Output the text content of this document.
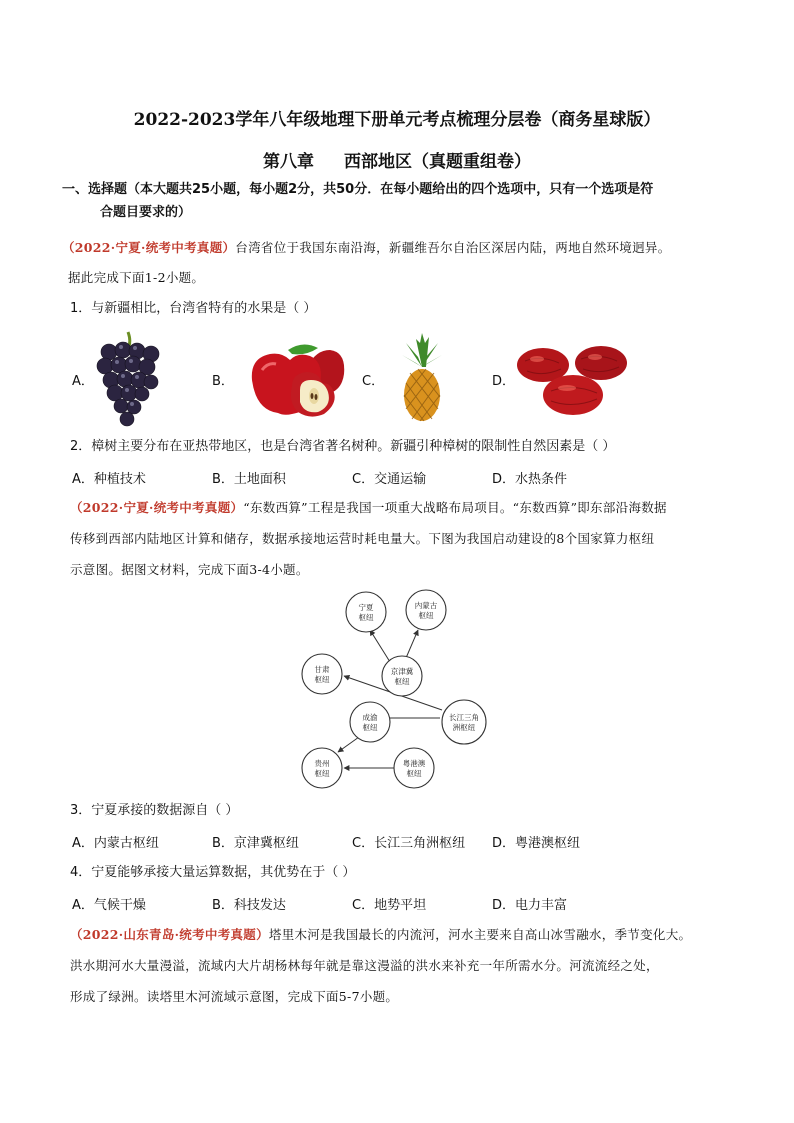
2022-2023学年八年级地理下册单元考点梳理分层卷（商务星球版）
第八章 西部地区（真题重组卷）
一、选择题（本大题共25小题，每小题2分，共50分．在每小题给出的四个选项中，只有一个选项是符
合题目要求的）
（2022·宁夏·统考中考真题）台湾省位于我国东南沿海，新疆维吾尔自治区深居内陆，两地自然环境迥异。
据此完成下面1-2小题。
1．与新疆相比，台湾省特有的水果是（ ）
A．	B．	C．	D．
2．樟树主要分布在亚热带地区，也是台湾省著名树种。新疆引种樟树的限制性自然因素是（ ）
A．种植技术	B．土地面积	C．交通运输	D．水热条件
（2022·宁夏·统考中考真题）“东数西算”工程是我国一项重大战略布局项目。“东数西算”即东部沿海数据
传移到西部内陆地区计算和储存，数据承接地运营时耗电量大。下图为我国启动建设的8个国家算力枢纽
示意图。据图文材料，完成下面3-4小题。
宁夏
枢纽
内蒙古
枢纽
京津冀
枢纽
甘肃
枢纽
成渝
枢纽
长江三角
洲枢纽
贵州
枢纽
粤港澳
枢纽
3．宁夏承接的数据源自（ ）
A．内蒙古枢纽	B．京津冀枢纽	C．长江三角洲枢纽 D．粤港澳枢纽
4．宁夏能够承接大量运算数据，其优势在于（ ）
A．气候干燥	B．科技发达	C．地势平坦	D．电力丰富
（2022·山东青岛·统考中考真题）塔里木河是我国最长的内流河，河水主要来自高山冰雪融水，季节变化大。
洪水期河水大量漫溢，流域内大片胡杨林每年就是靠这漫溢的洪水来补充一年所需水分。河流流经之处，
形成了绿洲。读塔里木河流域示意图，完成下面5-7小题。
